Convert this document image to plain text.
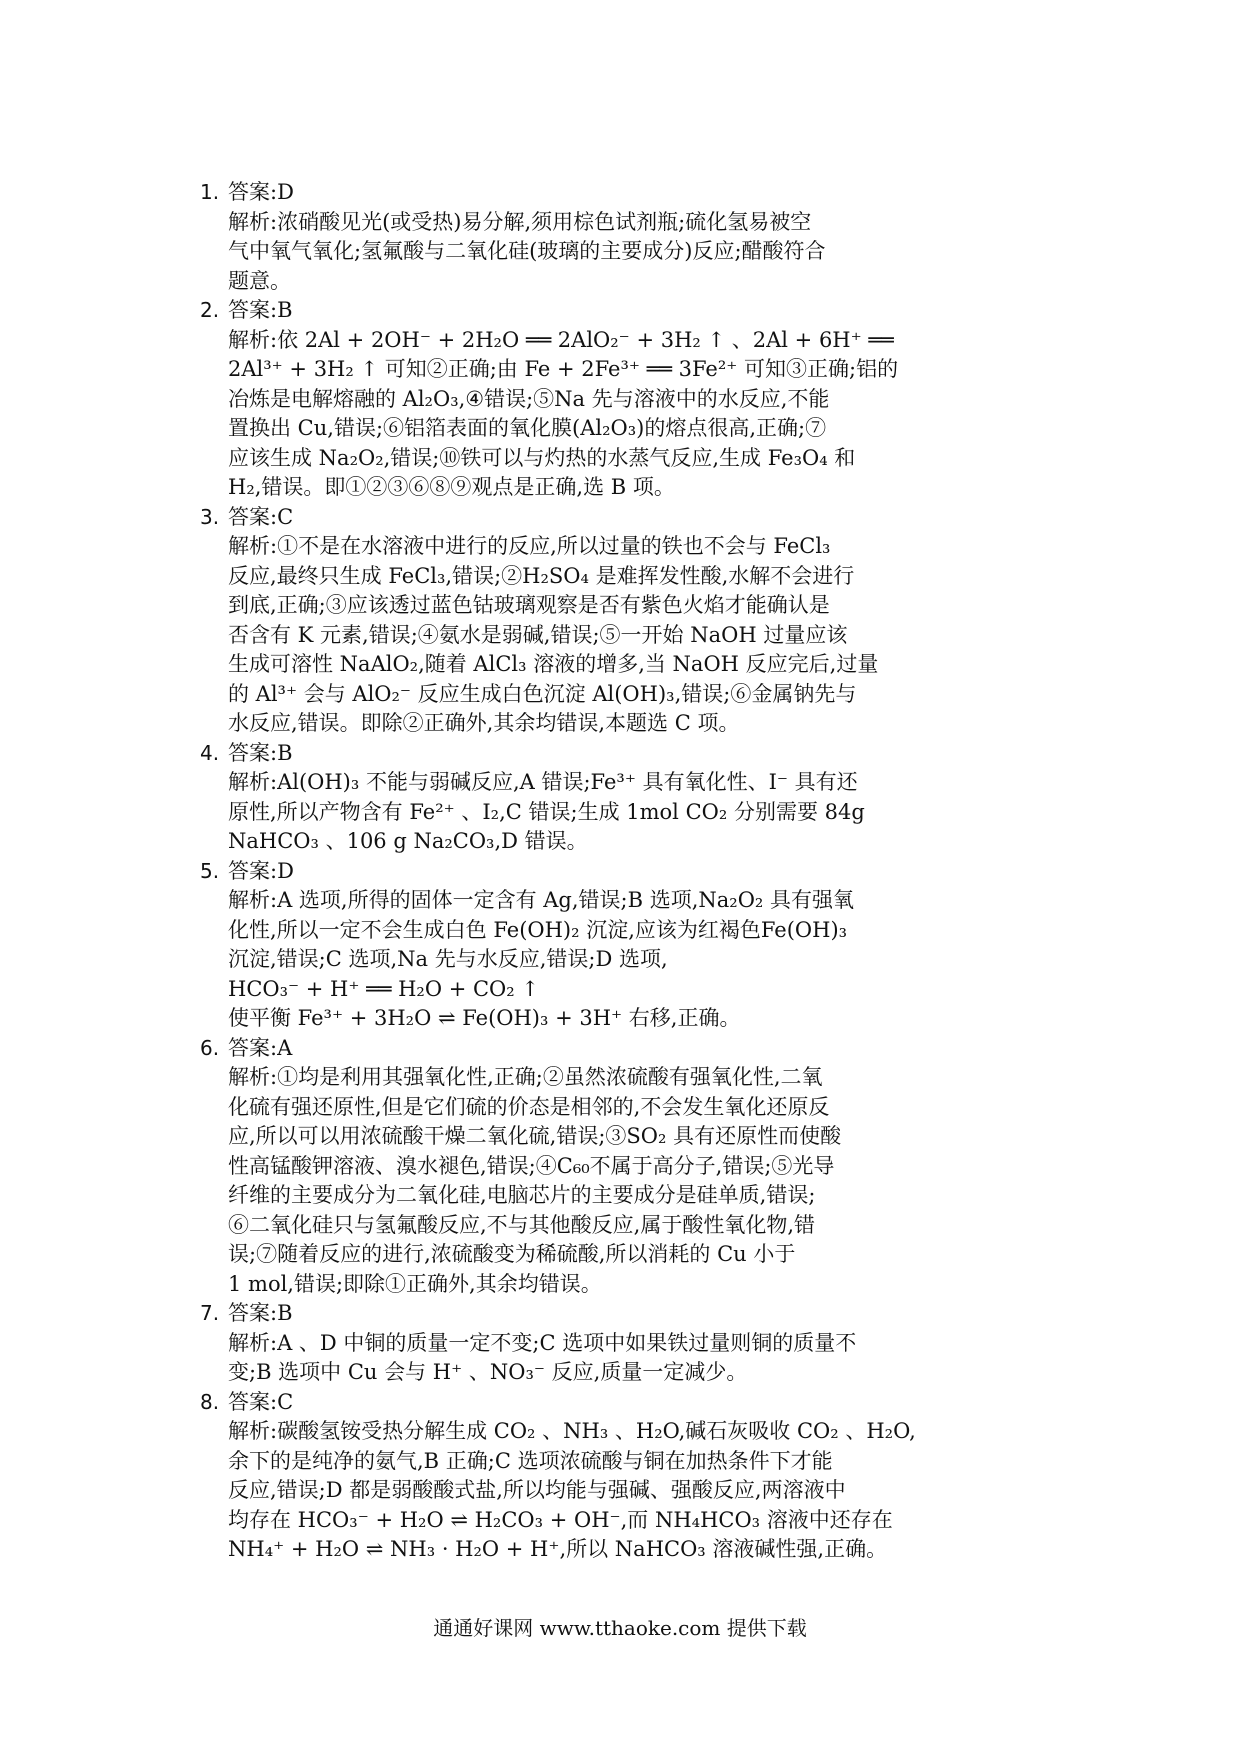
1. 答案:D
解析:浓硝酸见光(或受热)易分解,须用棕色试剂瓶;硫化氢易被空
气中氧气氧化;氢氟酸与二氧化硅(玻璃的主要成分)反应;醋酸符合
题意。
2. 答案:B
解析:依 2Al + 2OH⁻ + 2H₂O ══ 2AlO₂⁻ + 3H₂ ↑ 、2Al + 6H⁺ ══
2Al³⁺ + 3H₂ ↑ 可知②正确;由 Fe + 2Fe³⁺ ══ 3Fe²⁺ 可知③正确;铝的
冶炼是电解熔融的 Al₂O₃,④错误;⑤Na 先与溶液中的水反应,不能
置换出 Cu,错误;⑥铝箔表面的氧化膜(Al₂O₃)的熔点很高,正确;⑦
应该生成 Na₂O₂,错误;⑩铁可以与灼热的水蒸气反应,生成 Fe₃O₄ 和
H₂,错误。即①②③⑥⑧⑨观点是正确,选 B 项。
3. 答案:C
解析:①不是在水溶液中进行的反应,所以过量的铁也不会与 FeCl₃
反应,最终只生成 FeCl₃,错误;②H₂SO₄ 是难挥发性酸,水解不会进行
到底,正确;③应该透过蓝色钴玻璃观察是否有紫色火焰才能确认是
否含有 K 元素,错误;④氨水是弱碱,错误;⑤一开始 NaOH 过量应该
生成可溶性 NaAlO₂,随着 AlCl₃ 溶液的增多,当 NaOH 反应完后,过量
的 Al³⁺ 会与 AlO₂⁻ 反应生成白色沉淀 Al(OH)₃,错误;⑥金属钠先与
水反应,错误。即除②正确外,其余均错误,本题选 C 项。
4. 答案:B
解析:Al(OH)₃ 不能与弱碱反应,A 错误;Fe³⁺ 具有氧化性、I⁻ 具有还
原性,所以产物含有 Fe²⁺ 、I₂,C 错误;生成 1mol CO₂ 分别需要 84g
NaHCO₃ 、106 g Na₂CO₃,D 错误。
5. 答案:D
解析:A 选项,所得的固体一定含有 Ag,错误;B 选项,Na₂O₂ 具有强氧
化性,所以一定不会生成白色 Fe(OH)₂ 沉淀,应该为红褐色Fe(OH)₃
沉淀,错误;C 选项,Na 先与水反应,错误;D 选项,
HCO₃⁻ + H⁺ ══ H₂O + CO₂ ↑
使平衡 Fe³⁺ + 3H₂O ⇌ Fe(OH)₃ + 3H⁺ 右移,正确。
6. 答案:A
解析:①均是利用其强氧化性,正确;②虽然浓硫酸有强氧化性,二氧
化硫有强还原性,但是它们硫的价态是相邻的,不会发生氧化还原反
应,所以可以用浓硫酸干燥二氧化硫,错误;③SO₂ 具有还原性而使酸
性高锰酸钾溶液、溴水褪色,错误;④C₆₀不属于高分子,错误;⑤光导
纤维的主要成分为二氧化硅,电脑芯片的主要成分是硅单质,错误;
⑥二氧化硅只与氢氟酸反应,不与其他酸反应,属于酸性氧化物,错
误;⑦随着反应的进行,浓硫酸变为稀硫酸,所以消耗的 Cu 小于
1 mol,错误;即除①正确外,其余均错误。
7. 答案:B
解析:A 、D 中铜的质量一定不变;C 选项中如果铁过量则铜的质量不
变;B 选项中 Cu 会与 H⁺ 、NO₃⁻ 反应,质量一定减少。
8. 答案:C
解析:碳酸氢铵受热分解生成 CO₂ 、NH₃ 、H₂O,碱石灰吸收 CO₂ 、H₂O,
余下的是纯净的氨气,B 正确;C 选项浓硫酸与铜在加热条件下才能
反应,错误;D 都是弱酸酸式盐,所以均能与强碱、强酸反应,两溶液中
均存在 HCO₃⁻ + H₂O ⇌ H₂CO₃ + OH⁻,而 NH₄HCO₃ 溶液中还存在
NH₄⁺ + H₂O ⇌ NH₃ · H₂O + H⁺,所以 NaHCO₃ 溶液碱性强,正确。
通通好课网 www.tthaoke.com 提供下载
